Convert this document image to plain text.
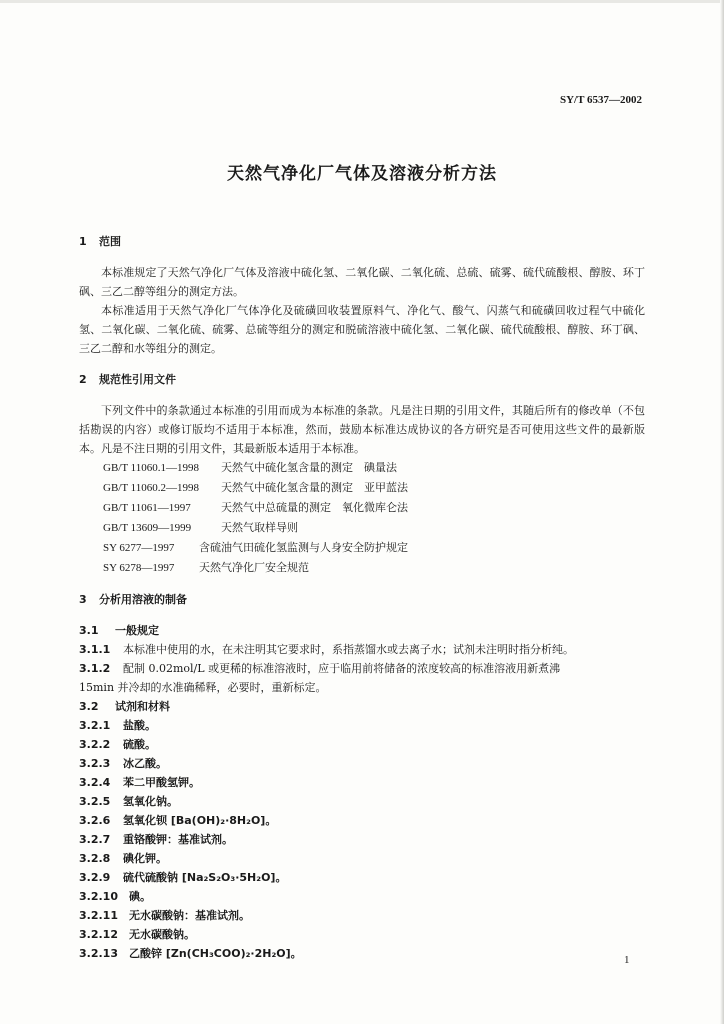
SY/T 6537—2002
天然气净化厂气体及溶液分析方法
1 范围
本标准规定了天然气净化厂气体及溶液中硫化氢、二氧化碳、二氧化硫、总硫、硫雾、硫代硫酸根、醇胺、环丁砜、三乙二醇等组分的测定方法。
本标准适用于天然气净化厂气体净化及硫磺回收装置原料气、净化气、酸气、闪蒸气和硫磺回收过程气中硫化氢、二氧化碳、二氧化硫、硫雾、总硫等组分的测定和脱硫溶液中硫化氢、二氧化碳、硫代硫酸根、醇胺、环丁砜、三乙二醇和水等组分的测定。
2 规范性引用文件
下列文件中的条款通过本标准的引用而成为本标准的条款。凡是注日期的引用文件，其随后所有的修改单（不包括勘误的内容）或修订版均不适用于本标准，然而，鼓励本标准达成协议的各方研究是否可使用这些文件的最新版本。凡是不注日期的引用文件，其最新版本适用于本标准。
GB/T 11060.1—1998 天然气中硫化氢含量的测定　碘量法
GB/T 11060.2—1998 天然气中硫化氢含量的测定　亚甲蓝法
GB/T 11061—1997	天然气中总硫量的测定　氧化微库仑法
GB/T 13609—1999	天然气取样导则
SY 6277—1997 含硫油气田硫化氢监测与人身安全防护规定
SY 6278—1997 天然气净化厂安全规范
3 分析用溶液的制备
3.1 一般规定
3.1.1 本标准中使用的水，在未注明其它要求时，系指蒸馏水或去离子水；试剂未注明时指分析纯。
3.1.2 配制 0.02mol/L 或更稀的标准溶液时，应于临用前将储备的浓度较高的标准溶液用新煮沸
15min 并冷却的水准确稀释，必要时，重新标定。
3.2 试剂和材料
3.2.1 盐酸。
3.2.2 硫酸。
3.2.3 冰乙酸。
3.2.4 苯二甲酸氢钾。
3.2.5 氢氧化钠。
3.2.6 氢氧化钡 [Ba(OH)₂·8H₂O]。
3.2.7 重铬酸钾：基准试剂。
3.2.8 碘化钾。
3.2.9 硫代硫酸钠 [Na₂S₂O₃·5H₂O]。
3.2.10 碘。
3.2.11 无水碳酸钠：基准试剂。
3.2.12 无水碳酸钠。
3.2.13 乙酸锌 [Zn(CH₃COO)₂·2H₂O]。	1
